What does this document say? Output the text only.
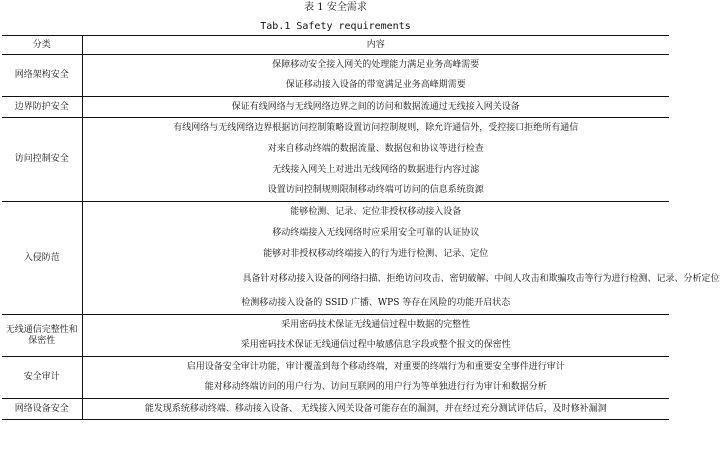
表 1 安全需求
Tab.1 Safety requirements
分类	内容
网络架构安全	保障移动安全接入网关的处理能力满足业务高峰需要
	保证移动接入设备的带宽满足业务高峰期需要
边界防护安全	保证有线网络与无线网络边界之间的访问和数据流通过无线接入网关设备
访问控制安全	有线网络与无线网络边界根据访问控制策略设置访问控制规则，除允许通信外，受控接口拒绝所有通信
	对来自移动终端的数据流量、数据包和协议等进行检查
	无线接入网关上对进出无线网络的数据进行内容过滤
	设置访问控制规则限制移动终端可访问的信息系统资源
入侵防范	能够检测、记录、定位非授权移动接入设备
	移动终端接入无线网络时应采用安全可靠的认证协议
	能够对非授权移动终端接入的行为进行检测、记录、定位
	具备针对移动接入设备的网络扫描、拒绝访问攻击、密钥破解、中间人攻击和欺骗攻击等行为进行检测、记录、分析定位
	检测移动接入设备的 SSID 广播、WPS 等存在风险的功能开启状态
无线通信完整性和保密性	采用密码技术保证无线通信过程中数据的完整性
	采用密码技术保证无线通信过程中敏感信息字段或整个报文的保密性
安全审计	启用设备安全审计功能，审计覆盖到每个移动终端，对重要的终端行为和重要安全事件进行审计
	能对移动终端访问的用户行为、访问互联网的用户行为等单独进行行为审计和数据分析
网络设备安全	能发现系统移动终端、移动接入设备、 无线接入网关设备可能存在的漏洞，并在经过充分测试评估后，及时修补漏洞
